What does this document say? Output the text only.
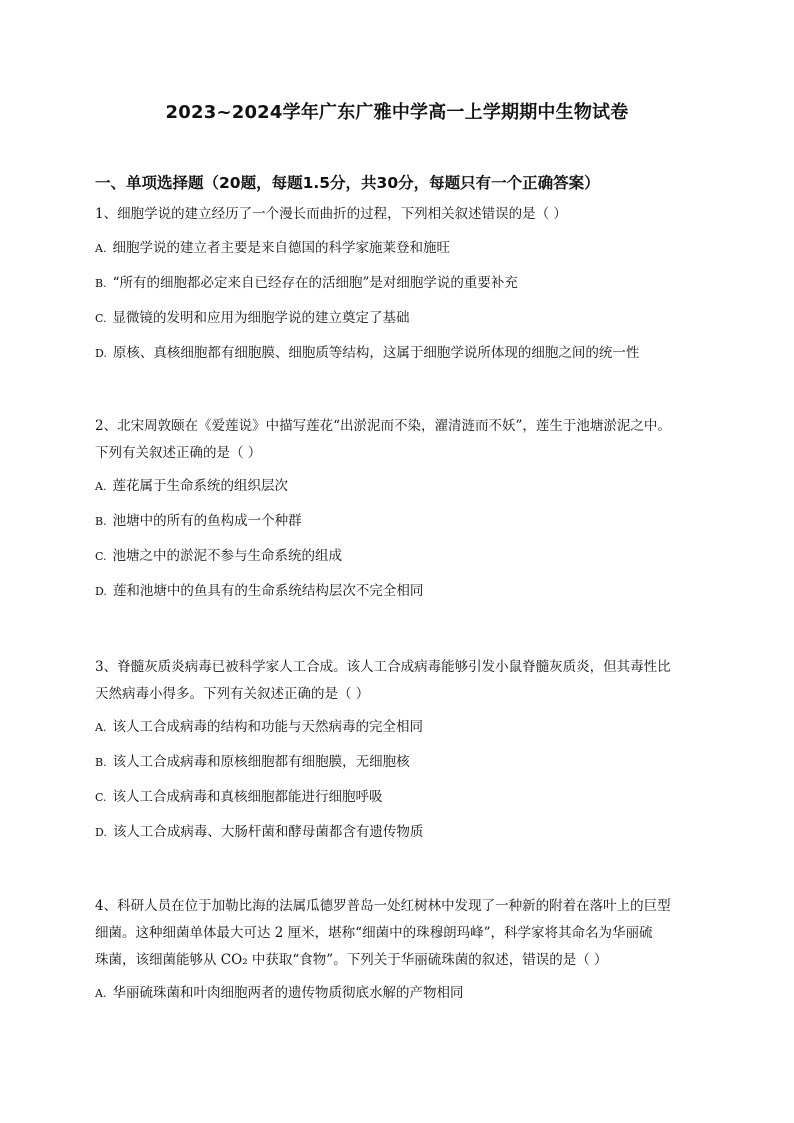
2023~2024学年广东广雅中学高一上学期期中生物试卷
一、单项选择题（20题，每题1.5分，共30分，每题只有一个正确答案）

1、细胞学说的建立经历了一个漫长而曲折的过程，下列相关叙述错误的是（ ）

A. 细胞学说的建立者主要是来自德国的科学家施莱登和施旺

B. “所有的细胞都必定来自已经存在的活细胞”是对细胞学说的重要补充

C. 显微镜的发明和应用为细胞学说的建立奠定了基础

D. 原核、真核细胞都有细胞膜、细胞质等结构，这属于细胞学说所体现的细胞之间的统一性

2、北宋周敦颐在《爱莲说》中描写莲花“出淤泥而不染，濯清涟而不妖”，莲生于池塘淤泥之中。

下列有关叙述正确的是（ ）

A. 莲花属于生命系统的组织层次

B. 池塘中的所有的鱼构成一个种群

C. 池塘之中的淤泥不参与生命系统的组成

D. 莲和池塘中的鱼具有的生命系统结构层次不完全相同

3、脊髓灰质炎病毒已被科学家人工合成。该人工合成病毒能够引发小鼠脊髓灰质炎，但其毒性比

天然病毒小得多。下列有关叙述正确的是（ ）

A. 该人工合成病毒的结构和功能与天然病毒的完全相同

B. 该人工合成病毒和原核细胞都有细胞膜，无细胞核

C. 该人工合成病毒和真核细胞都能进行细胞呼吸

D. 该人工合成病毒、大肠杆菌和酵母菌都含有遗传物质

4、科研人员在位于加勒比海的法属瓜德罗普岛一处红树林中发现了一种新的附着在落叶上的巨型

细菌。这种细菌单体最大可达 2 厘米，堪称“细菌中的珠穆朗玛峰”，科学家将其命名为华丽硫

珠菌，该细菌能够从 CO₂ 中获取“食物”。下列关于华丽硫珠菌的叙述，错误的是（ ）

A. 华丽硫珠菌和叶肉细胞两者的遗传物质彻底水解的产物相同
